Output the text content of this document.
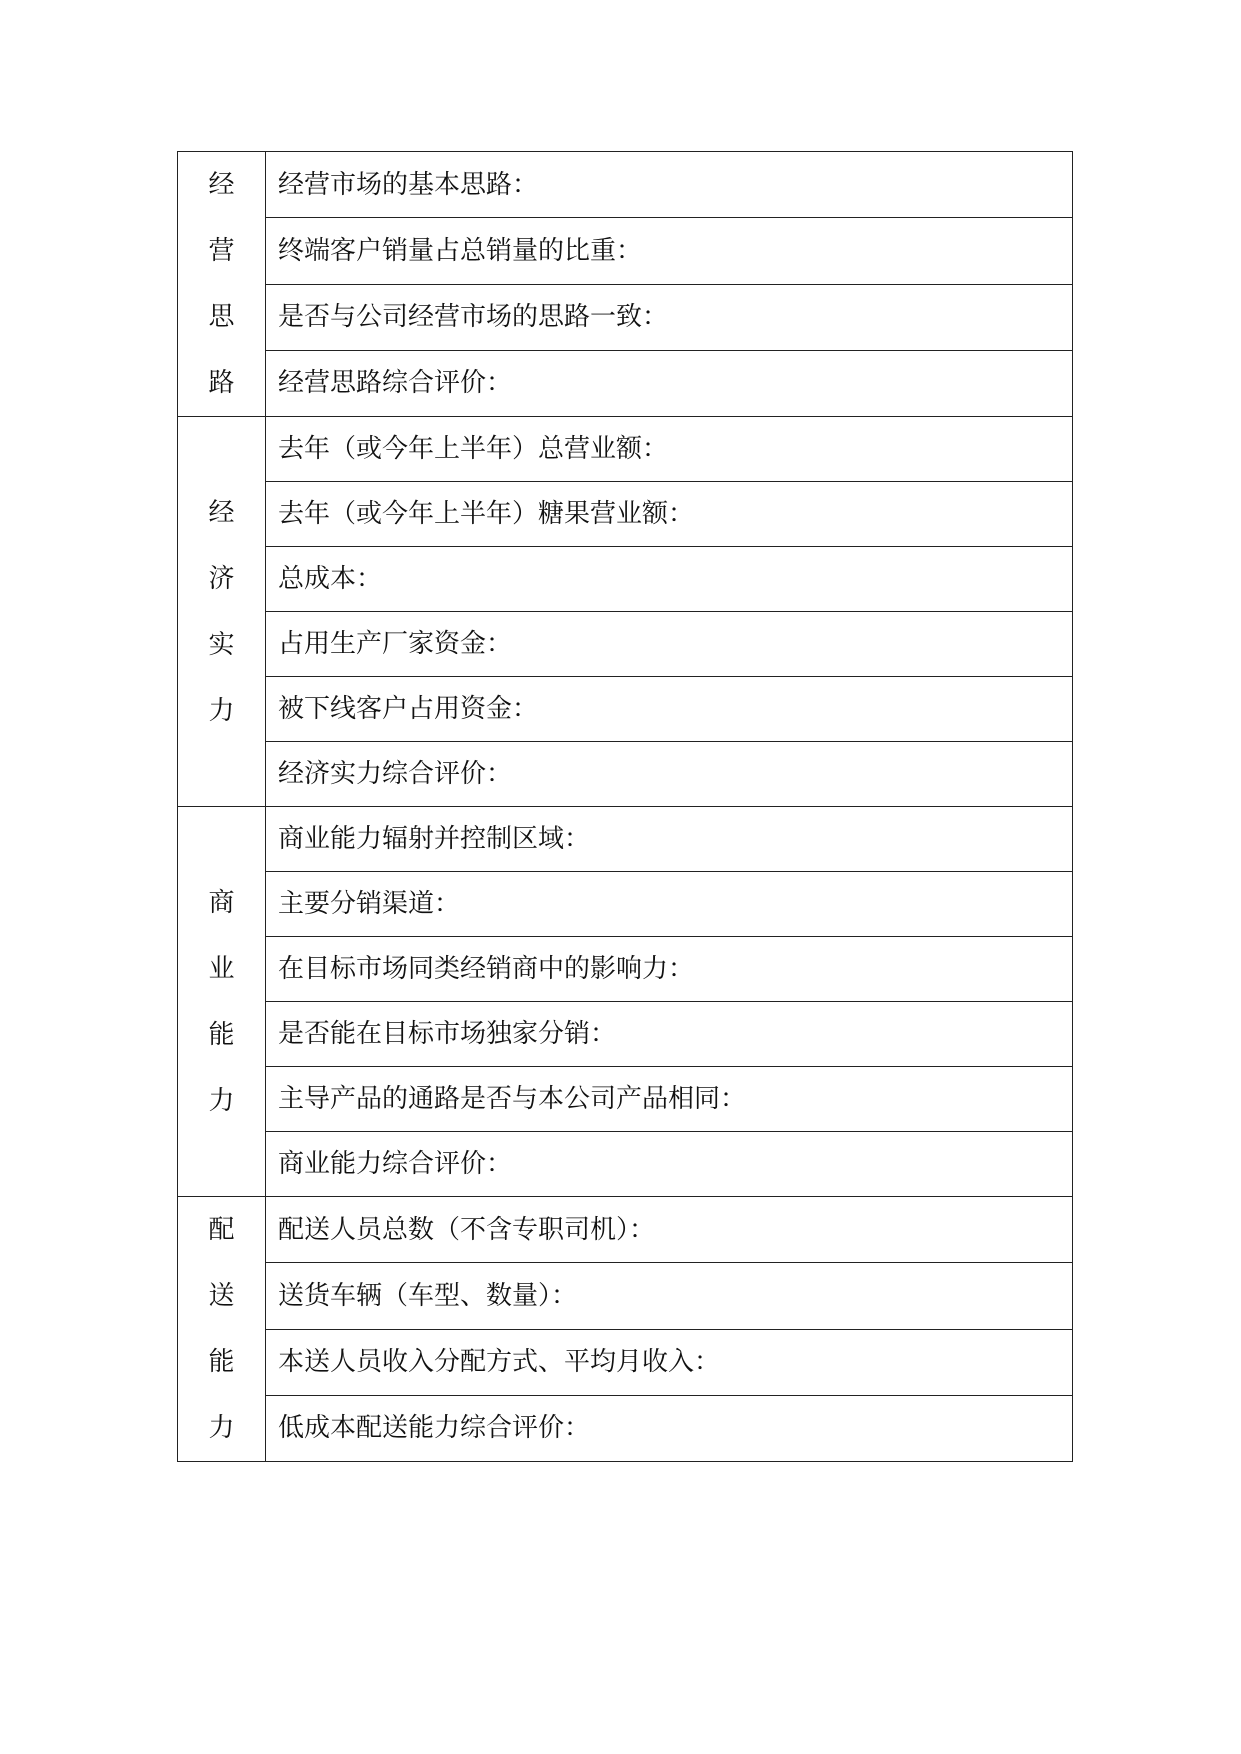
经
营
思
路	经营市场的基本思路：
	终端客户销量占总销量的比重：
	是否与公司经营市场的思路一致：
	经营思路综合评价：

经
济
实
力	去年（或今年上半年）总营业额：
	去年（或今年上半年）糖果营业额：
	总成本：
	占用生产厂家资金：
	被下线客户占用资金：
	经济实力综合评价：

商
业
能
力	商业能力辐射并控制区域：
	主要分销渠道：
	在目标市场同类经销商中的影响力：
	是否能在目标市场独家分销：
	主导产品的通路是否与本公司产品相同：
	商业能力综合评价：

配
送
能
力	配送人员总数（不含专职司机）：
	送货车辆（车型、数量）：
	本送人员收入分配方式、平均月收入：
	低成本配送能力综合评价：
